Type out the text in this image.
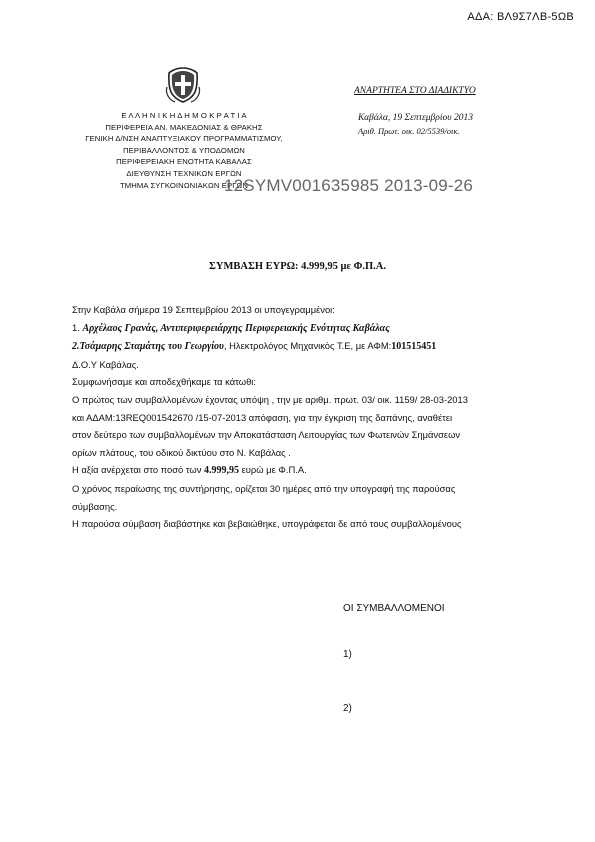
ΑΔΑ: ΒΛ9Σ7ΛΒ-5ΩΒ
Ε Λ Λ Η Ν Ι Κ Η Δ Η Μ Ο Κ Ρ Α Τ Ι Α
ΠΕΡΙΦΕΡΕΙΑ ΑΝ. ΜΑΚΕΔΟΝΙΑΣ & ΘΡΑΚΗΣ
ΓΕΝΙΚΗ Δ/ΝΣΗ ΑΝΑΠΤΥΞΙΑΚΟΥ ΠΡΟΓΡΑΜΜΑΤΙΣΜΟΥ,
ΠΕΡΙΒΑΛΛΟΝΤΟΣ & ΥΠΟΔΟΜΩΝ
ΠΕΡΙΦΕΡΕΙΑΚΗ ΕΝΟΤΗΤΑ ΚΑΒΑΛΑΣ
ΔΙΕΥΘΥΝΣΗ ΤΕΧΝΙΚΩΝ ΕΡΓΩΝ
ΤΜΗΜΑ ΣΥΓΚΟΙΝΩΝΙΑΚΩΝ ΕΡΓΩΝ
ΑΝΑΡΤΗΤΕΑ ΣΤΟ ΔΙΑΔΙΚΤΥΟ
Καβάλα, 19 Σεπτεμβρίου 2013
Αριθ. Πρωτ. οικ. 02/5539/οικ.
12SYMV001635985 2013-09-26
ΣΥΜΒΑΣΗ ΕΥΡΩ: 4.999,95 με Φ.Π.Α.
Στην Καβάλα σήμερα 19 Σεπτεμβρίου 2013 οι υπογεγραμμένοι:
1. Αρχέλαος Γρανάς, Αντιπεριφερειάρχης Περιφερειακής Ενότητας Καβάλας
2.Τσάμαρης Σταμάτης του Γεωργίου, Ηλεκτρολόγος Μηχανικός Τ.Ε, με ΑΦΜ:101515451
Δ.Ο.Υ Καβάλας.
Συμφωνήσαμε και αποδεχθήκαμε τα κάτωθι:
Ο πρώτος των συμβαλλομένων έχοντας υπόψη , την με αριθμ. πρωτ. 03/ οικ. 1159/ 28-03-2013
και ΑΔΑΜ:13REQ001542670 /15-07-2013 απόφαση, για την έγκριση της δαπάνης, αναθέτει
στον δεύτερο των συμβαλλομένων την Αποκατάσταση Λειτουργίας των Φωτεινών Σημάνσεων
ορίων πλάτους, του οδικού δικτύου στο Ν. Καβάλας .
Η αξία ανέρχεται στο ποσό των 4.999,95 ευρώ με Φ.Π.Α.
Ο χρόνος περαίωσης της συντήρησης, ορίζεται 30 ημέρες από την υπογραφή της παρούσας
σύμβασης.
Η παρούσα σύμβαση διαβάστηκε και βεβαιώθηκε, υπογράφεται δε από τους συμβαλλομένους
ΟΙ ΣΥΜΒΑΛΛΟΜΕΝΟΙ
1)
2)
